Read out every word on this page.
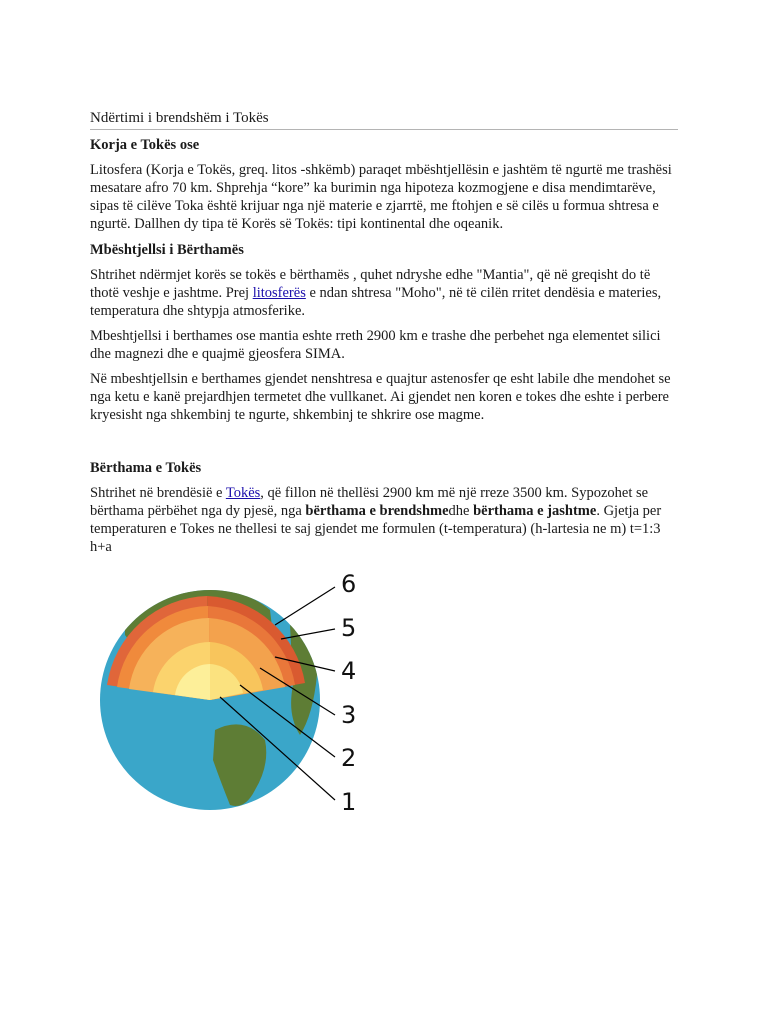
Ndërtimi i brendshëm i Tokës
Korja e Tokës ose

Litosfera (Korja e Tokës, greq. litos -shkëmb) paraqet mbështjellësin e jashtëm të ngurtë me trashësi mesatare afro 70 km. Shprehja “kore” ka burimin nga hipoteza kozmogjene e disa mendimtarëve, sipas të cilëve Toka është krijuar nga një materie e zjarrtë, me ftohjen e së cilës u formua shtresa e ngurtë. Dallhen dy tipa të Korës së Tokës: tipi kontinental dhe oqeanik.

Mbështjellsi i Bërthamës

Shtrihet ndërmjet korës se tokës e bërthamës , quhet ndryshe edhe "Mantia", që në greqisht do të thotë veshje e jashtme. Prej litosferës e ndan shtresa "Moho", në të cilën rritet dendësia e materies, temperatura dhe shtypja atmosferike.

Mbeshtjellsi i berthames ose mantia eshte rreth 2900 km e trashe dhe perbehet nga elementet silici dhe magnezi dhe e quajmë gjeosfera SIMA.

Në mbeshtjellsin e berthames gjendet nenshtresa e quajtur astenosfer qe esht labile dhe mendohet se nga ketu e kanë prejardhjen termetet dhe vullkanet. Ai gjendet nen koren e tokes dhe eshte i perbere kryesisht nga shkembinj te ngurte, shkembinj te shkrire ose magme.

Bërthama e Tokës

Shtrihet në brendësië e Tokës, që fillon në thellësi 2900 km më një rreze 3500 km. Sypozohet se bërthama përbëhet nga dy pjesë, nga bërthama e brendshmedhe bërthama e jashtme. Gjetja per temperaturen e Tokes ne thellesi te saj gjendet me formulen (t-temperatura) (h-lartesia ne m) t=1:3 h+a

6
5
4
3
2
1
